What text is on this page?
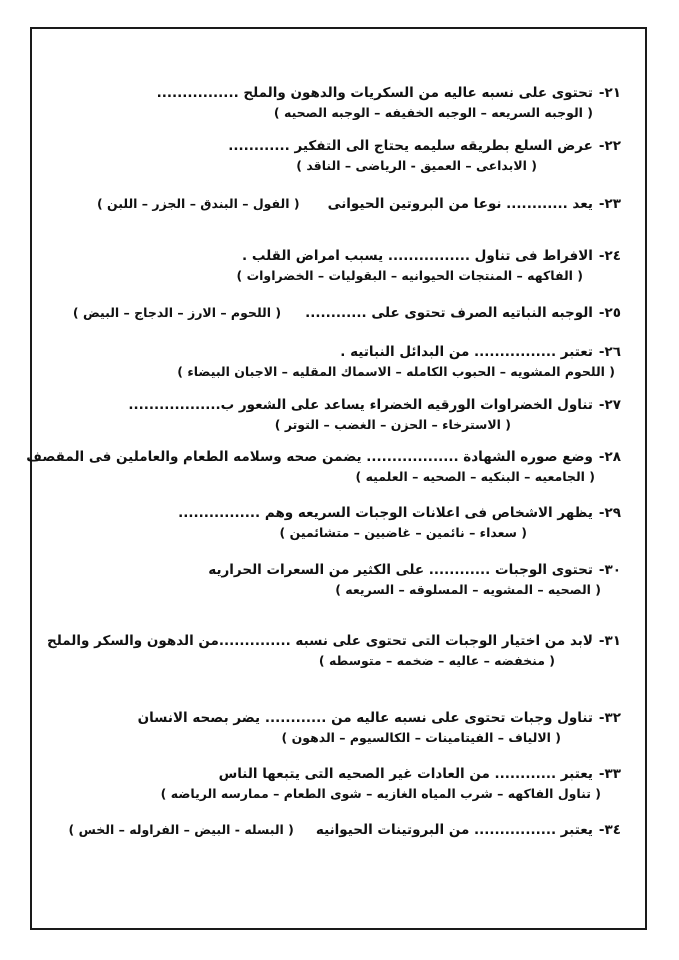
٢١-تحتوى على نسبه عاليه من السكريات والدهون والملح ................
( الوجبه السريعه – الوجبه الخفيفه – الوجبه الصحيه )
٢٢-عرض السلع بطريقه سليمه يحتاج الى التفكير ............
( الابداعى – العميق - الرياضى – الناقد )
٢٣-يعد ............ نوعا من البروتين الحيوانى( الفول – البندق – الجزر – اللبن )
٢٤-الافراط فى تناول ................ يسبب امراض القلب .
( الفاكهه – المنتجات الحيوانيه – البقوليات – الخضراوات )
٢٥-الوجبه النباتيه الصرف تحتوى على ............( اللحوم – الارز – الدجاج – البيض )
٢٦-تعتبر ................ من البدائل النباتيه .
( اللحوم المشويه – الحبوب الكامله – الاسماك المقليه – الاجبان البيضاء )
٢٧-تناول الخضراوات الورقيه الخضراء يساعد على الشعور ب..................
( الاسترخاء – الحزن – الغضب – التوتر )
٢٨-وضع صوره الشهادة .................. يضمن صحه وسلامه الطعام والعاملين فى المقصف
( الجامعيه – البنكيه – الصحيه – العلميه )
٢٩-يظهر الاشخاص فى اعلانات الوجبات السريعه وهم ................
( سعداء – نائمين – غاضبين – متشائمين )
٣٠-تحتوى الوجبات ............ على الكثير من السعرات الحراريه
( الصحيه – المشويه – المسلوقه – السريعه )
٣١-لابد من اختيار الوجبات التى تحتوى على نسبه ..............من الدهون والسكر والملح
( منخفضه – عاليه – ضخمه – متوسطه )
٣٢-تناول وجبات تحتوى على نسبه عاليه من ............ يضر بصحه الانسان
( الالياف – الفيتامينات – الكالسيوم – الدهون )
٣٣-يعتبر ............ من العادات غير الصحيه التى يتبعها الناس
( تناول الفاكهه – شرب المياه الغازيه – شوى الطعام – ممارسه الرياضه )
٣٤-يعتبر ................ من البروتينات الحيوانيه( البسله - البيض – الفراوله – الخس )
